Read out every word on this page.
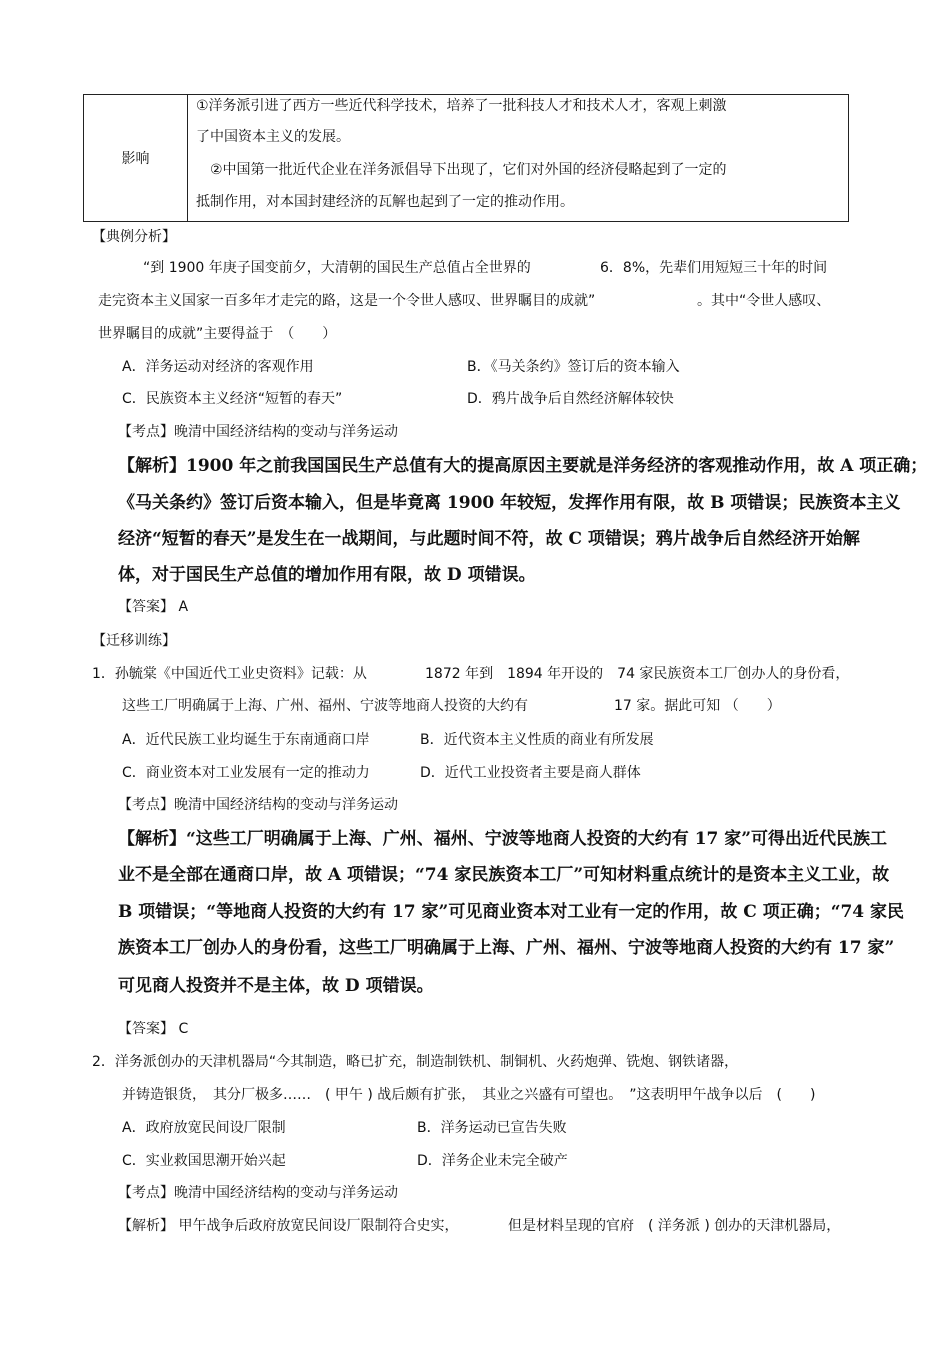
影响	
①洋务派引进了西方一些近代科学技术，培养了一批科技人才和技术人才，客观上刺激
了中国资本主义的发展。
②中国第一批近代企业在洋务派倡导下出现了，它们对外国的经济侵略起到了一定的
抵制作用，对本国封建经济的瓦解也起到了一定的推动作用。
【典例分析】
“到 1900 年庚子国变前夕，大清朝的国民生产总值占全世界的	6．8%，先辈们用短短三十年的时间
走完资本主义国家一百多年才走完的路，这是一个令世人感叹、世界瞩目的成就”	。其中“令世人感叹、
世界瞩目的成就”主要得益于　（　　）
A．洋务运动对经济的客观作用	B．《马关条约》签订后的资本输入
C．民族资本主义经济“短暂的春天”	D．鸦片战争后自然经济解体较快
【考点】晚清中国经济结构的变动与洋务运动
【解析】1900 年之前我国国民生产总值有大的提高原因主要就是洋务经济的客观推动作用，故 A 项正确；
《马关条约》签订后资本输入，但是毕竟离 1900 年较短，发挥作用有限，故 B 项错误；民族资本主义
经济“短暂的春天”是发生在一战期间，与此题时间不符，故 C 项错误；鸦片战争后自然经济开始解
体，对于国民生产总值的增加作用有限，故 D 项错误。
【答案】 A
【迁移训练】
1．孙毓棠《中国近代工业史资料》记载：从	1872 年到　1894 年开设的　74 家民族资本工厂创办人的身份看，
这些工厂明确属于上海、广州、福州、宁波等地商人投资的大约有	17 家。据此可知 （　　）
A．近代民族工业均诞生于东南通商口岸	B．近代资本主义性质的商业有所发展
C．商业资本对工业发展有一定的推动力	D．近代工业投资者主要是商人群体
【考点】晚清中国经济结构的变动与洋务运动
【解析】“这些工厂明确属于上海、广州、福州、宁波等地商人投资的大约有 17 家”可得出近代民族工
业不是全部在通商口岸，故 A 项错误；“74 家民族资本工厂”可知材料重点统计的是资本主义工业，故
B 项错误；“等地商人投资的大约有 17 家”可见商业资本对工业有一定的作用，故 C 项正确；“74 家民
族资本工厂创办人的身份看，这些工厂明确属于上海、广州、福州、宁波等地商人投资的大约有 17 家”
可见商人投资并不是主体，故 D 项错误。
【答案】 C
2．洋务派创办的天津机器局“今其制造，略已扩充，制造制铁机、制铜机、火药炮弹、铣炮、钢铁诸器，
并铸造银货，　其分厂极多……　( 甲午 ) 战后颇有扩张，　其业之兴盛有可望也。　”这表明甲午战争以后　(　　)
A．政府放宽民间设厂限制	B．洋务运动已宣告失败
C．实业救国思潮开始兴起	D．洋务企业未完全破产
【考点】晚清中国经济结构的变动与洋务运动
【解析】 甲午战争后政府放宽民间设厂限制符合史实，	但是材料呈现的官府　( 洋务派 ) 创办的天津机器局，
